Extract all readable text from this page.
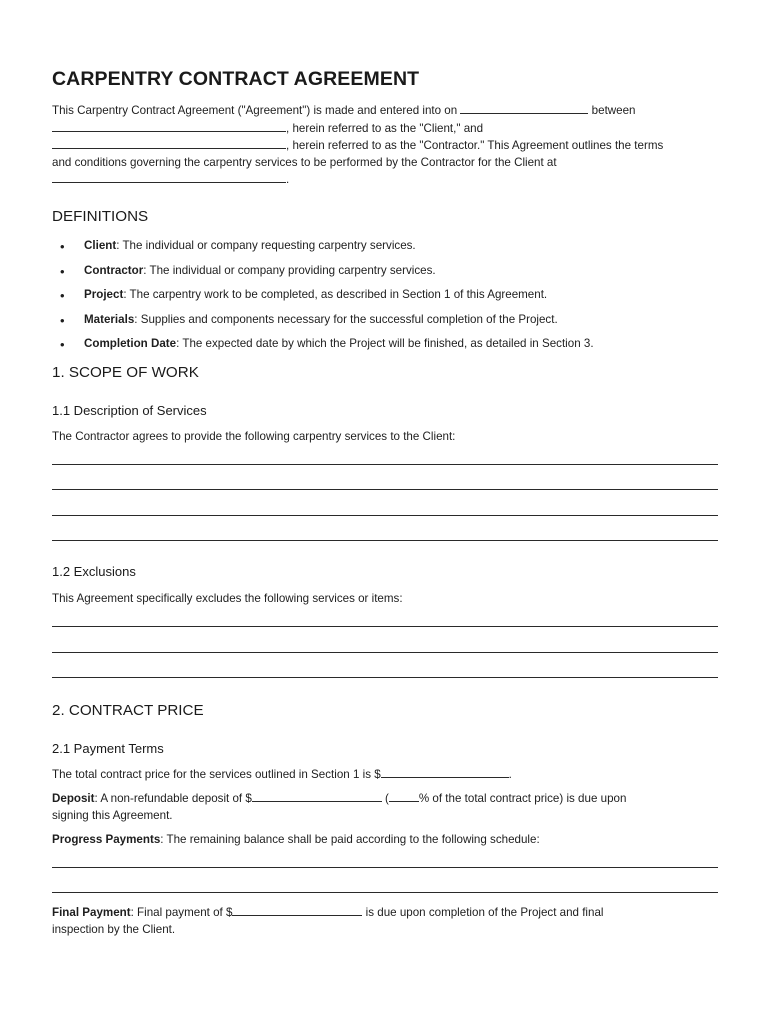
CARPENTRY CONTRACT AGREEMENT
This Carpentry Contract Agreement ("Agreement") is made and entered into on	between
, herein referred to as the "Client," and
, herein referred to as the "Contractor." This Agreement outlines the terms
and conditions governing the carpentry services to be performed by the Contractor for the Client at
.
DEFINITIONS
• Client: The individual or company requesting carpentry services.
• Contractor: The individual or company providing carpentry services.
• Project: The carpentry work to be completed, as described in Section 1 of this Agreement.
• Materials: Supplies and components necessary for the successful completion of the Project.
• Completion Date: The expected date by which the Project will be finished, as detailed in Section 3.
1. SCOPE OF WORK
1.1 Description of Services

The Contractor agrees to provide the following carpentry services to the Client:

1.2 Exclusions

This Agreement specifically excludes the following services or items:

2. CONTRACT PRICE
2.1 Payment Terms

The total contract price for the services outlined in Section 1 is $	.

Deposit: A non-refundable deposit of $	(	% of the total contract price) is due upon
signing this Agreement.

Progress Payments: The remaining balance shall be paid according to the following schedule:

Final Payment: Final payment of $	is due upon completion of the Project and final
inspection by the Client.
